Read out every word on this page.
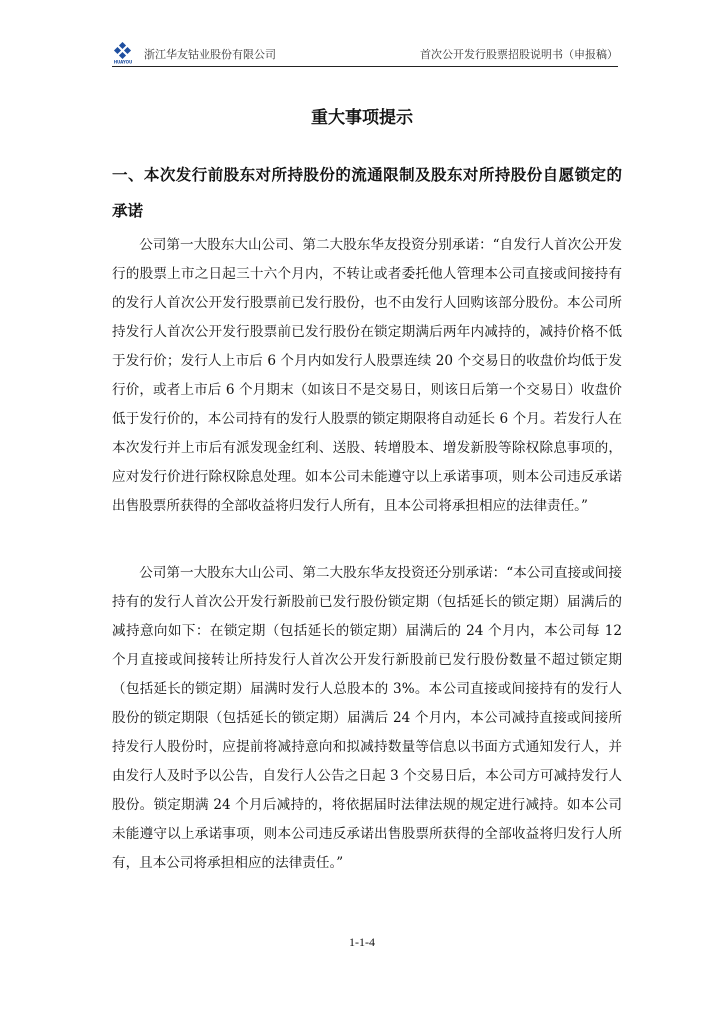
HUAYOU
浙江华友钴业股份有限公司	首次公开发行股票招股说明书（申报稿）
重大事项提示
一、本次发行前股东对所持股份的流通限制及股东对所持股份自愿锁定的承诺
公司第一大股东大山公司、第二大股东华友投资分别承诺：“自发行人首次公开发行的股票上市之日起三十六个月内，不转让或者委托他人管理本公司直接或间接持有的发行人首次公开发行股票前已发行股份，也不由发行人回购该部分股份。本公司所持发行人首次公开发行股票前已发行股份在锁定期满后两年内减持的，减持价格不低于发行价；发行人上市后 6 个月内如发行人股票连续 20 个交易日的收盘价均低于发行价，或者上市后 6 个月期末（如该日不是交易日，则该日后第一个交易日）收盘价低于发行价的，本公司持有的发行人股票的锁定期限将自动延长 6 个月。若发行人在本次发行并上市后有派发现金红利、送股、转增股本、增发新股等除权除息事项的，应对发行价进行除权除息处理。如本公司未能遵守以上承诺事项，则本公司违反承诺出售股票所获得的全部收益将归发行人所有，且本公司将承担相应的法律责任。”
公司第一大股东大山公司、第二大股东华友投资还分别承诺：“本公司直接或间接持有的发行人首次公开发行新股前已发行股份锁定期（包括延长的锁定期）届满后的减持意向如下：在锁定期（包括延长的锁定期）届满后的 24 个月内，本公司每 12 个月直接或间接转让所持发行人首次公开发行新股前已发行股份数量不超过锁定期（包括延长的锁定期）届满时发行人总股本的 3%。本公司直接或间接持有的发行人股份的锁定期限（包括延长的锁定期）届满后 24 个月内，本公司减持直接或间接所持发行人股份时，应提前将减持意向和拟减持数量等信息以书面方式通知发行人，并由发行人及时予以公告，自发行人公告之日起 3 个交易日后，本公司方可减持发行人股份。锁定期满 24 个月后减持的，将依据届时法律法规的规定进行减持。如本公司未能遵守以上承诺事项，则本公司违反承诺出售股票所获得的全部收益将归发行人所有，且本公司将承担相应的法律责任。”
1-1-4
